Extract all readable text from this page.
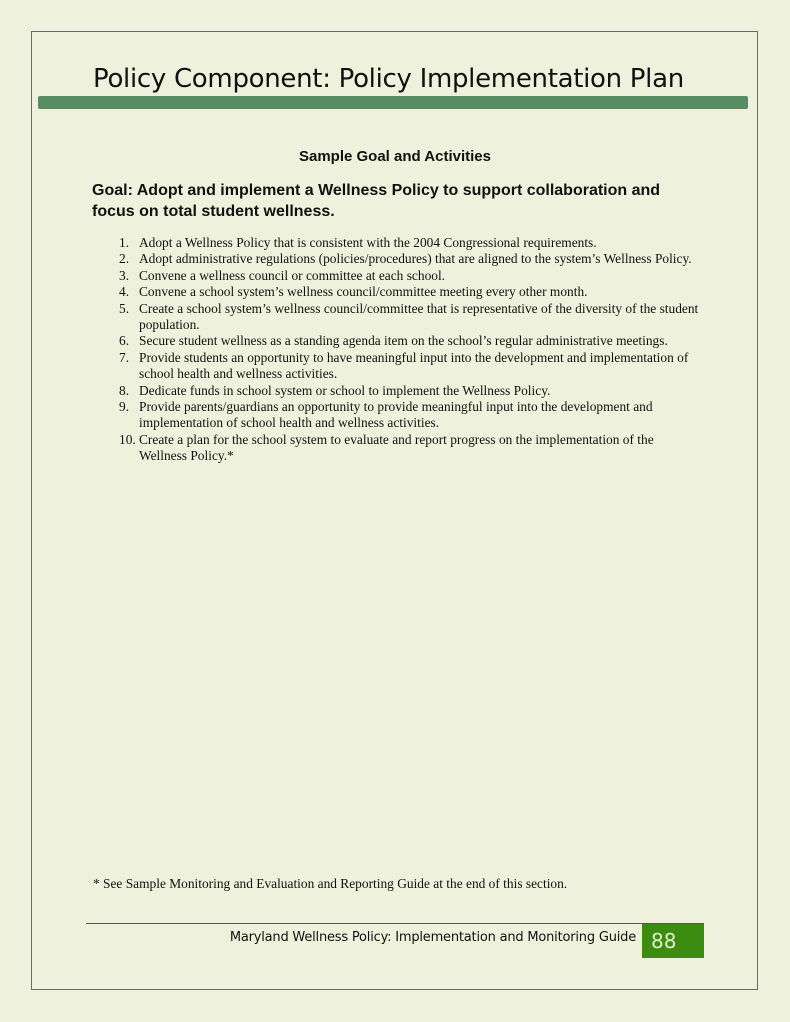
Policy Component: Policy Implementation Plan
Sample Goal and Activities
Goal: Adopt and implement a Wellness Policy to support collaboration and focus on total student wellness.
1. Adopt a Wellness Policy that is consistent with the 2004 Congressional requirements.
2. Adopt administrative regulations (policies/procedures) that are aligned to the system’s Wellness Policy.
3. Convene a wellness council or committee at each school.
4. Convene a school system’s wellness council/committee meeting every other month.
5. Create a school system’s wellness council/committee that is representative of the diversity of the student population.
6. Secure student wellness as a standing agenda item on the school’s regular administrative meetings.
7. Provide students an opportunity to have meaningful input into the development and implementation of school health and wellness activities.
8. Dedicate funds in school system or school to implement the Wellness Policy.
9. Provide parents/guardians an opportunity to provide meaningful input into the development and implementation of school health and wellness activities.
10. Create a plan for the school system to evaluate and report progress on the implementation of the Wellness Policy.*
* See Sample Monitoring and Evaluation and Reporting Guide at the end of this section.
Maryland Wellness Policy: Implementation and Monitoring Guide 88
